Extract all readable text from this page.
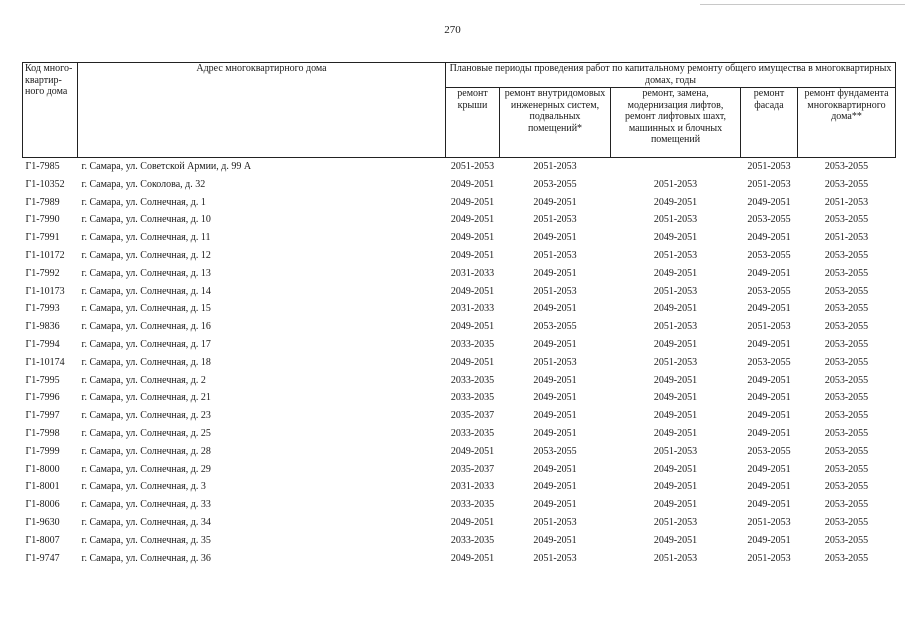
270
Код много-квартир-ного дома	Адрес многоквартирного дома	Плановые периоды проведения работ по капитальному ремонту общего имущества в многоквартирных домах, годы				
		ремонт крыши	ремонт внутридомовых инженерных систем, подвальных помещений*	ремонт, замена, модернизация лифтов, ремонт лифтовых шахт, машинных и блочных помещений	ремонт фасада	ремонт фундамента многоквартирного дома**
Г1-7985	г. Самара, ул. Советской Армии, д. 99 А	2051-2053	2051-2053		2051-2053	2053-2055
Г1-10352	г. Самара, ул. Соколова, д. 32	2049-2051	2053-2055	2051-2053	2051-2053	2053-2055
Г1-7989	г. Самара, ул. Солнечная, д. 1	2049-2051	2049-2051	2049-2051	2049-2051	2051-2053
Г1-7990	г. Самара, ул. Солнечная, д. 10	2049-2051	2051-2053	2051-2053	2053-2055	2053-2055
Г1-7991	г. Самара, ул. Солнечная, д. 11	2049-2051	2049-2051	2049-2051	2049-2051	2051-2053
Г1-10172	г. Самара, ул. Солнечная, д. 12	2049-2051	2051-2053	2051-2053	2053-2055	2053-2055
Г1-7992	г. Самара, ул. Солнечная, д. 13	2031-2033	2049-2051	2049-2051	2049-2051	2053-2055
Г1-10173	г. Самара, ул. Солнечная, д. 14	2049-2051	2051-2053	2051-2053	2053-2055	2053-2055
Г1-7993	г. Самара, ул. Солнечная, д. 15	2031-2033	2049-2051	2049-2051	2049-2051	2053-2055
Г1-9836	г. Самара, ул. Солнечная, д. 16	2049-2051	2053-2055	2051-2053	2051-2053	2053-2055
Г1-7994	г. Самара, ул. Солнечная, д. 17	2033-2035	2049-2051	2049-2051	2049-2051	2053-2055
Г1-10174	г. Самара, ул. Солнечная, д. 18	2049-2051	2051-2053	2051-2053	2053-2055	2053-2055
Г1-7995	г. Самара, ул. Солнечная, д. 2	2033-2035	2049-2051	2049-2051	2049-2051	2053-2055
Г1-7996	г. Самара, ул. Солнечная, д. 21	2033-2035	2049-2051	2049-2051	2049-2051	2053-2055
Г1-7997	г. Самара, ул. Солнечная, д. 23	2035-2037	2049-2051	2049-2051	2049-2051	2053-2055
Г1-7998	г. Самара, ул. Солнечная, д. 25	2033-2035	2049-2051	2049-2051	2049-2051	2053-2055
Г1-7999	г. Самара, ул. Солнечная, д. 28	2049-2051	2053-2055	2051-2053	2053-2055	2053-2055
Г1-8000	г. Самара, ул. Солнечная, д. 29	2035-2037	2049-2051	2049-2051	2049-2051	2053-2055
Г1-8001	г. Самара, ул. Солнечная, д. 3	2031-2033	2049-2051	2049-2051	2049-2051	2053-2055
Г1-8006	г. Самара, ул. Солнечная, д. 33	2033-2035	2049-2051	2049-2051	2049-2051	2053-2055
Г1-9630	г. Самара, ул. Солнечная, д. 34	2049-2051	2051-2053	2051-2053	2051-2053	2053-2055
Г1-8007	г. Самара, ул. Солнечная, д. 35	2033-2035	2049-2051	2049-2051	2049-2051	2053-2055
Г1-9747	г. Самара, ул. Солнечная, д. 36	2049-2051	2051-2053	2051-2053	2051-2053	2053-2055
